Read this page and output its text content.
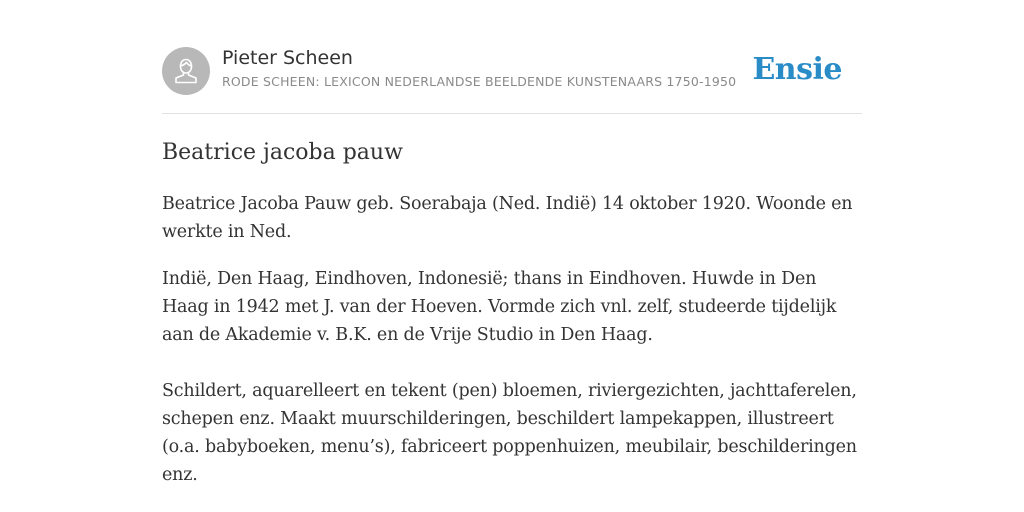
Pieter Scheen
RODE SCHEEN: LEXICON NEDERLANDSE BEELDENDE KUNSTENAARS 1750-1950 Ensie
Beatrice jacoba pauw

Beatrice Jacoba Pauw geb. Soerabaja (Ned. Indië) 14 oktober 1920. Woonde en werkte in Ned.

Indië, Den Haag, Eindhoven, Indonesië; thans in Eindhoven. Huwde in Den Haag in 1942 met J. van der Hoeven. Vormde zich vnl. zelf, studeerde tijdelijk aan de Akademie v. B.K. en de Vrije Studio in Den Haag.

Schildert, aquarelleert en tekent (pen) bloemen, riviergezichten, jachttaferelen, schepen enz. Maakt muurschilderingen, beschildert lampekappen, illustreert (o.a. babyboeken, menu’s), fabriceert poppenhuizen, meubilair, beschilderingen enz.
